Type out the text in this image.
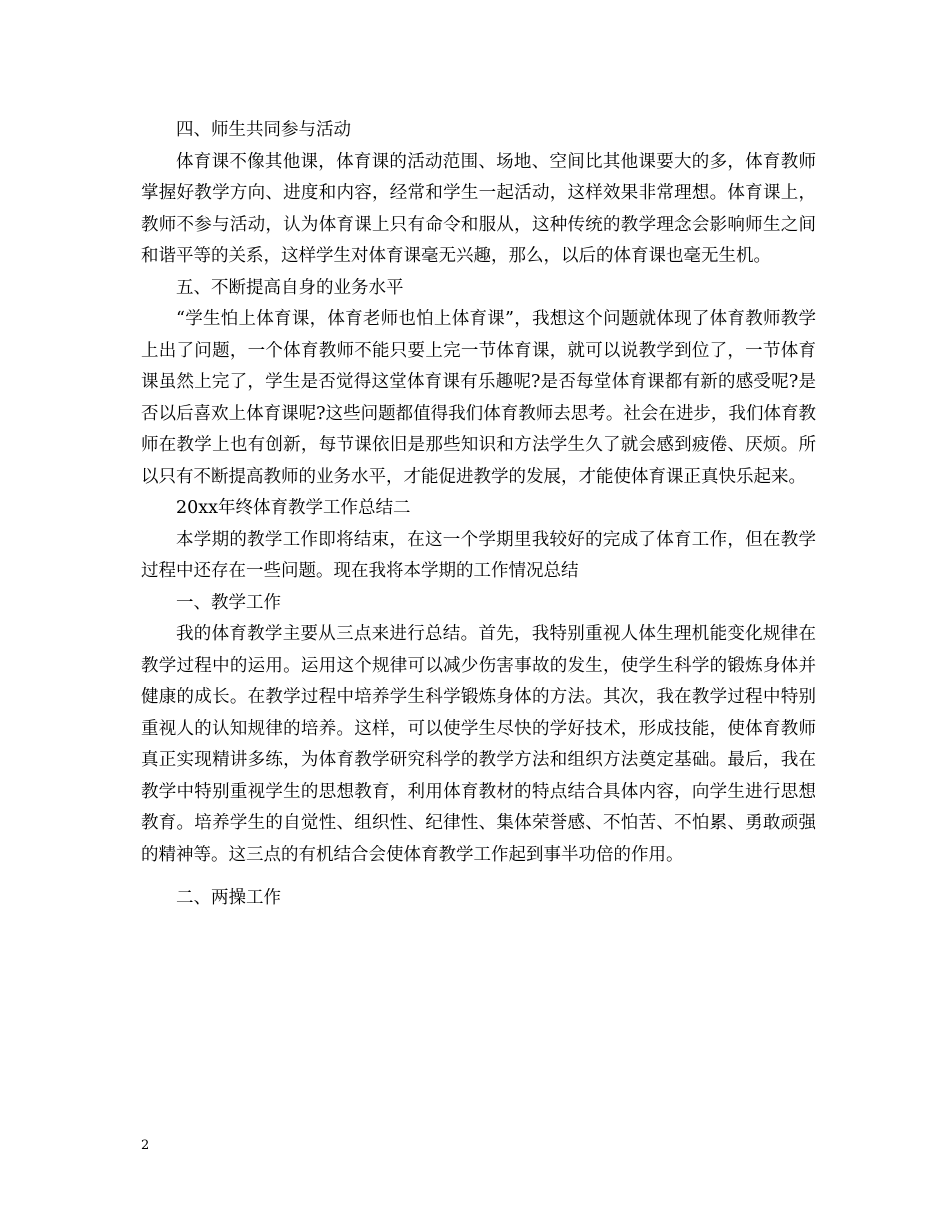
四、师生共同参与活动

体育课不像其他课，体育课的活动范围、场地、空间比其他课要大的多，体育教师掌握好教学方向、进度和内容，经常和学生一起活动，这样效果非常理想。体育课上，教师不参与活动，认为体育课上只有命令和服从，这种传统的教学理念会影响师生之间和谐平等的关系，这样学生对体育课毫无兴趣，那么，以后的体育课也毫无生机。

五、不断提高自身的业务水平

“学生怕上体育课，体育老师也怕上体育课”，我想这个问题就体现了体育教师教学上出了问题，一个体育教师不能只要上完一节体育课，就可以说教学到位了，一节体育课虽然上完了，学生是否觉得这堂体育课有乐趣呢?是否每堂体育课都有新的感受呢?是否以后喜欢上体育课呢?这些问题都值得我们体育教师去思考。社会在进步，我们体育教师在教学上也有创新，每节课依旧是那些知识和方法学生久了就会感到疲倦、厌烦。所以只有不断提高教师的业务水平，才能促进教学的发展，才能使体育课正真快乐起来。

20xx年终体育教学工作总结二

本学期的教学工作即将结束，在这一个学期里我较好的完成了体育工作，但在教学过程中还存在一些问题。现在我将本学期的工作情况总结

一、教学工作

我的体育教学主要从三点来进行总结。首先，我特别重视人体生理机能变化规律在教学过程中的运用。运用这个规律可以减少伤害事故的发生，使学生科学的锻炼身体并健康的成长。在教学过程中培养学生科学锻炼身体的方法。其次，我在教学过程中特别重视人的认知规律的培养。这样，可以使学生尽快的学好技术，形成技能，使体育教师真正实现精讲多练，为体育教学研究科学的教学方法和组织方法奠定基础。最后，我在教学中特别重视学生的思想教育，利用体育教材的特点结合具体内容，向学生进行思想教育。培养学生的自觉性、组织性、纪律性、集体荣誉感、不怕苦、不怕累、勇敢顽强的精神等。这三点的有机结合会使体育教学工作起到事半功倍的作用。

二、两操工作

2
